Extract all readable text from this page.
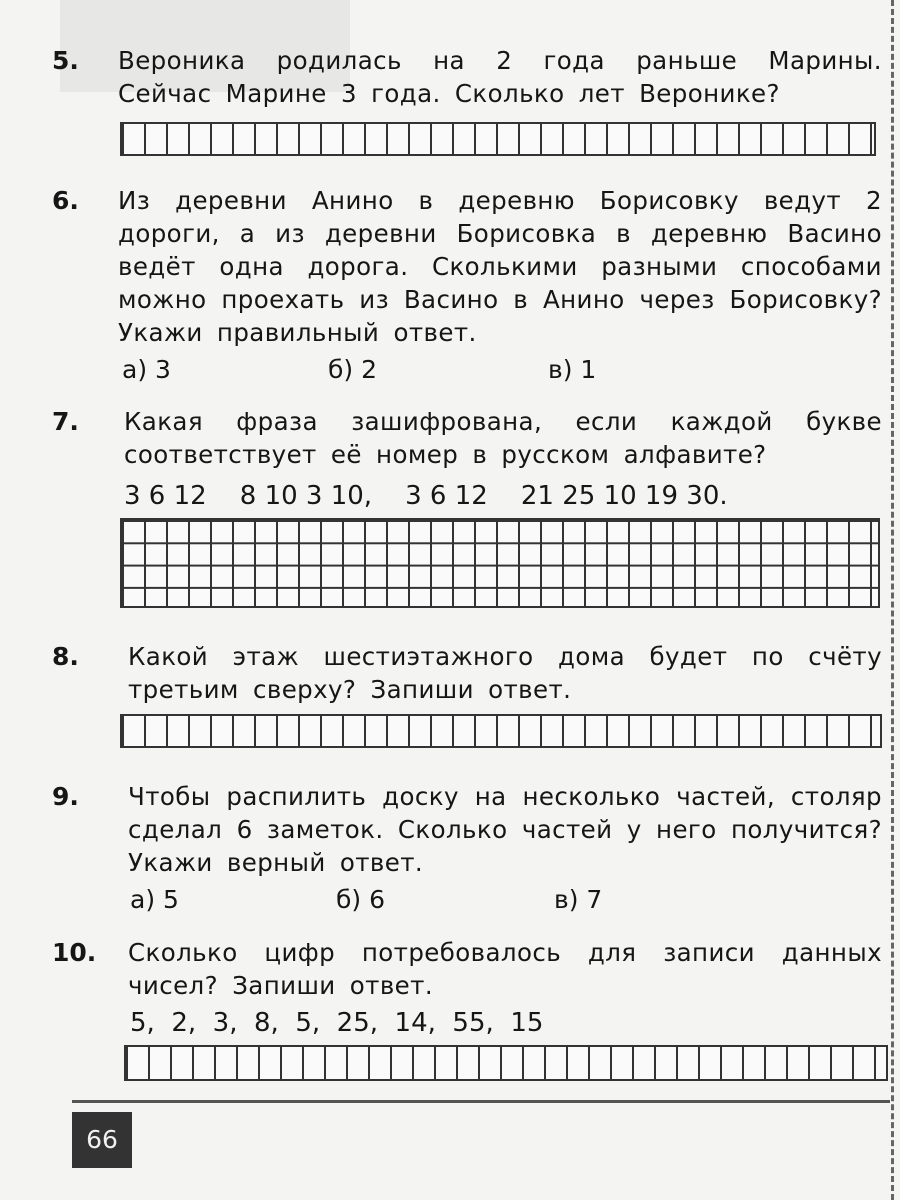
5.	Вероника родилась на 2 года раньше Марины. Сейчас Марине 3 года. Сколько лет Веронике?
6.	Из деревни Анино в деревню Борисовку ведут 2 дороги, а из деревни Борисовка в деревню Васино ведёт одна дорога. Сколькими разными способами можно проехать из Васино в Анино через Борисовку? Укажи правильный ответ.
а) 3	б) 2	в) 1
7.	Какая фраза зашифрована, если каждой букве соответствует её номер в русском алфавите?
3 6 12    8 10 3 10,    3 6 12    21 25 10 19 30.
8.	Какой этаж шестиэтажного дома будет по счёту третьим сверху? Запиши ответ.
9.	Чтобы распилить доску на несколько частей, столяр сделал 6 заметок. Сколько частей у него получится? Укажи верный ответ.
а) 5	б) 6	в) 7
10.	Сколько цифр потребовалось для записи данных чисел? Запиши ответ.
5,  2,  3,  8,  5,  25,  14,  55,  15
66
